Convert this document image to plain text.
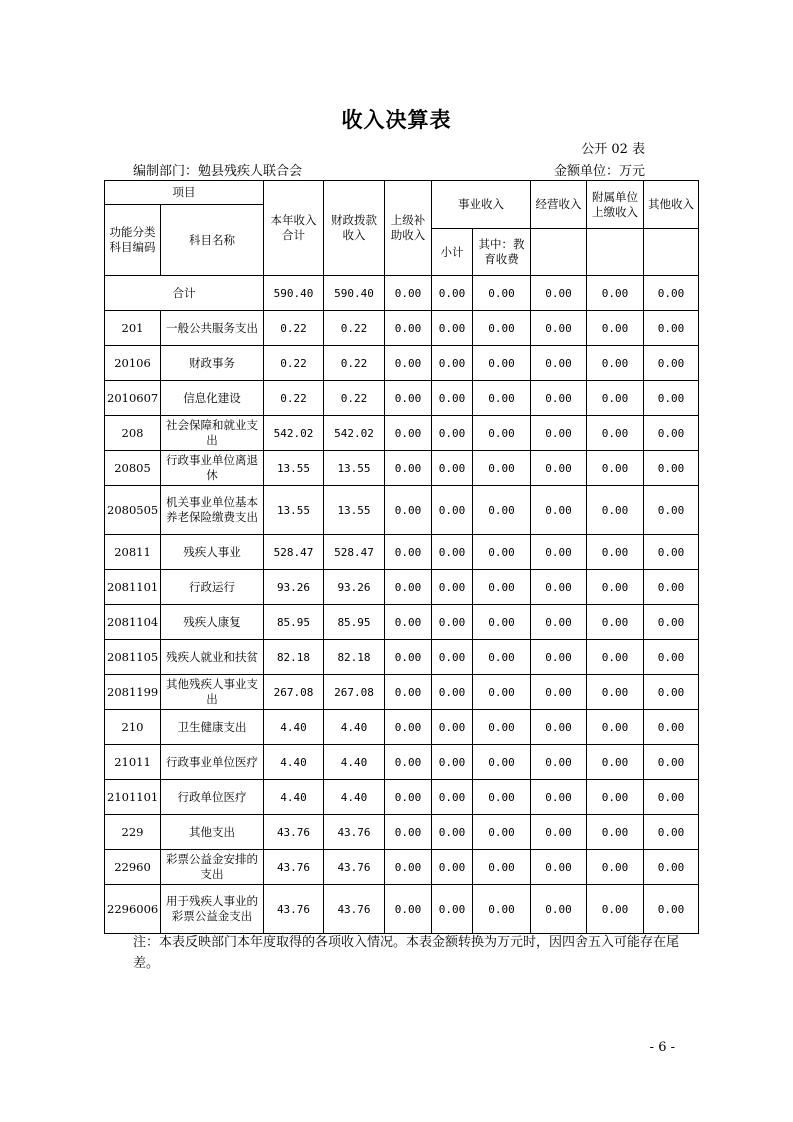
收入决算表
公开 02 表
编制部门：勉县残疾人联合会	金额单位：万元
项目		本年收入合计	财政拨款收入	上级补助收入	事业收入		经营收入	附属单位上缴收入	其他收入
功能分类科目编码	科目名称								
					小计	其中：教育收费			
合计		590.40	590.40	0.00	0.00	0.00	0.00	0.00	0.00
201	一般公共服务支出	0.22	0.22	0.00	0.00	0.00	0.00	0.00	0.00
20106	财政事务	0.22	0.22	0.00	0.00	0.00	0.00	0.00	0.00
2010607	信息化建设	0.22	0.22	0.00	0.00	0.00	0.00	0.00	0.00
208	社会保障和就业支出	542.02	542.02	0.00	0.00	0.00	0.00	0.00	0.00
20805	行政事业单位离退休	13.55	13.55	0.00	0.00	0.00	0.00	0.00	0.00
2080505	机关事业单位基本养老保险缴费支出	13.55	13.55	0.00	0.00	0.00	0.00	0.00	0.00
20811	残疾人事业	528.47	528.47	0.00	0.00	0.00	0.00	0.00	0.00
2081101	行政运行	93.26	93.26	0.00	0.00	0.00	0.00	0.00	0.00
2081104	残疾人康复	85.95	85.95	0.00	0.00	0.00	0.00	0.00	0.00
2081105	残疾人就业和扶贫	82.18	82.18	0.00	0.00	0.00	0.00	0.00	0.00
2081199	其他残疾人事业支出	267.08	267.08	0.00	0.00	0.00	0.00	0.00	0.00
210	卫生健康支出	4.40	4.40	0.00	0.00	0.00	0.00	0.00	0.00
21011	行政事业单位医疗	4.40	4.40	0.00	0.00	0.00	0.00	0.00	0.00
2101101	行政单位医疗	4.40	4.40	0.00	0.00	0.00	0.00	0.00	0.00
229	其他支出	43.76	43.76	0.00	0.00	0.00	0.00	0.00	0.00
22960	彩票公益金安排的支出	43.76	43.76	0.00	0.00	0.00	0.00	0.00	0.00
2296006	用于残疾人事业的彩票公益金支出	43.76	43.76	0.00	0.00	0.00	0.00	0.00	0.00
注：本表反映部门本年度取得的各项收入情况。本表金额转换为万元时，因四舍五入可能存在尾差。
- 6 -
